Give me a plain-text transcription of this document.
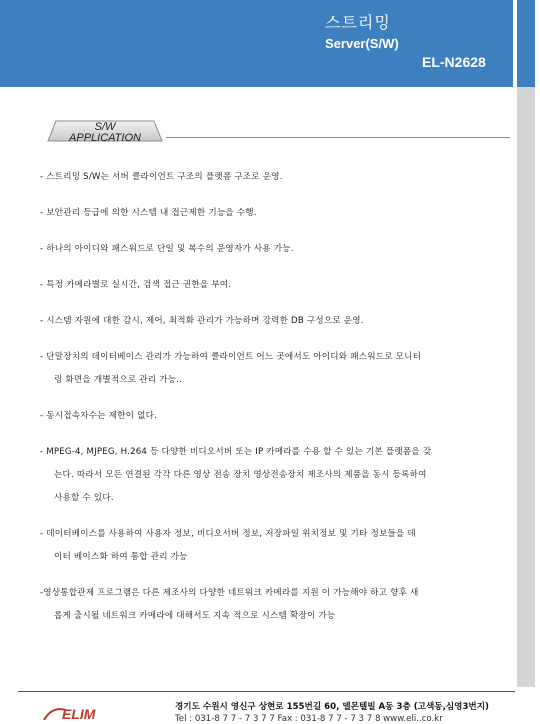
스트리밍
Server(S/W)
EL-N2628
S/W
APPLICATION
- 스트리밍 S/W는 서버 클라이언트 구조의 플랫폼 구조로 운영.
- 보안관리 등급에 의한 시스템 내 접근제한 기능을 수행.
- 하나의 아이디와 패스워드로 단일 및 복수의 운영자가 사용 가능.
- 특정 카메라별로 실시간, 검색 접근 권한을 부여.
- 시스템 자원에 대한 감시, 제어, 최적화 관리가 가능하며 강력한 DB 구성으로 운영.
- 단말장치의 데이터베이스 관리가 가능하여 클라이언트 어느 곳에서도 아이디와 패스워드로 모니터
링 화면을 개별적으로 관리 가능..
- 동시접속자수는 제한이 없다.
- MPEG-4, MJPEG, H.264 등 다양한 비디오서버 또는 IP 카메라를 수용 할 수 있는 기본 플랫폼을 갖
는다. 따라서 모든 연결된 각각 다른 영상 전송 장치 영상전송장치 제조사의 제품을 동시 등록하여
사용할 수 있다.
- 데이터베이스를 사용하여 사용자 정보, 비디오서버 정보, 저장파일 위치정보 및 기타 정보들을 데
이터 베이스화 하여 통합 관리 가능
-영상통합관제 프로그램은 다른 제조사의 다양한 네트워크 카메라를 지원 이 가능해야 하고 향후 새
롭게 출시될 네트워크 카메라에 대해서도 지속 적으로 시스템 확장이 가능
ELIM	경기도 수원시 영신구 상현로 155번길 60, 델몬텔빌 A동 3층 (고색동,심영3번지)
Tel : 031-8 7 7 - 7 3 7 7 Fax : 031-8 7 7 - 7 3 7 8 www.eli..co.kr
